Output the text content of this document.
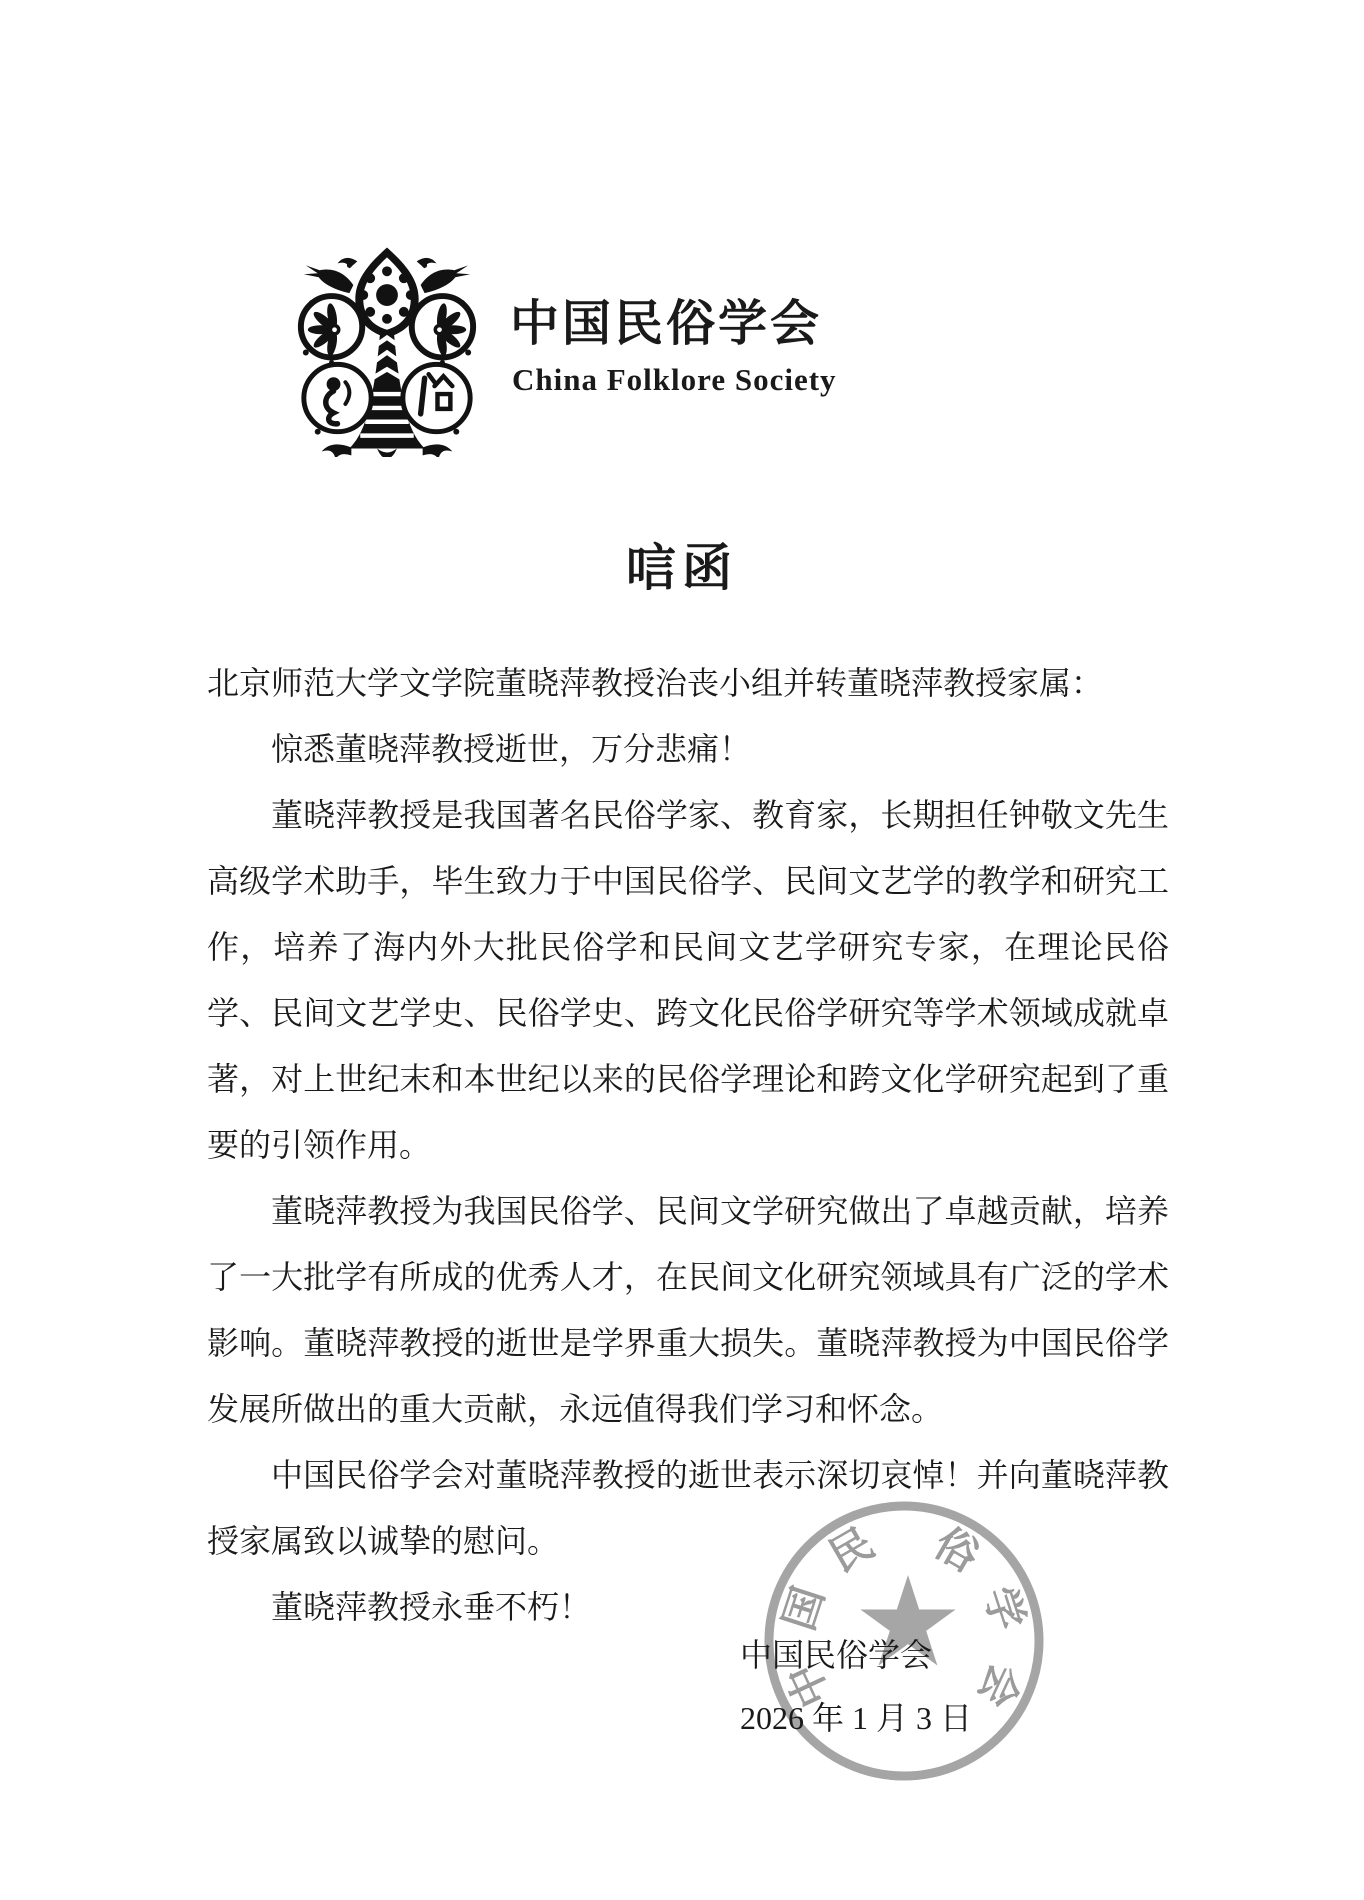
中国民俗学会
China Folklore Society
唁函
中
国
民 俗
学
会

北京师范大学文学院董晓萍教授治丧小组并转董晓萍教授家属：

惊悉董晓萍教授逝世，万分悲痛！

董晓萍教授是我国著名民俗学家、教育家，长期担任钟敬文先生高级学术助手，毕生致力于中国民俗学、民间文艺学的教学和研究工作，培养了海内外大批民俗学和民间文艺学研究专家，在理论民俗学、民间文艺学史、民俗学史、跨文化民俗学研究等学术领域成就卓著，对上世纪末和本世纪以来的民俗学理论和跨文化学研究起到了重要的引领作用。

董晓萍教授为我国民俗学、民间文学研究做出了卓越贡献，培养了一大批学有所成的优秀人才，在民间文化研究领域具有广泛的学术影响。董晓萍教授的逝世是学界重大损失。董晓萍教授为中国民俗学发展所做出的重大贡献，永远值得我们学习和怀念。

中国民俗学会对董晓萍教授的逝世表示深切哀悼！并向董晓萍教授家属致以诚挚的慰问。

董晓萍教授永垂不朽！

中国民俗学会
2026 年 1 月 3 日
